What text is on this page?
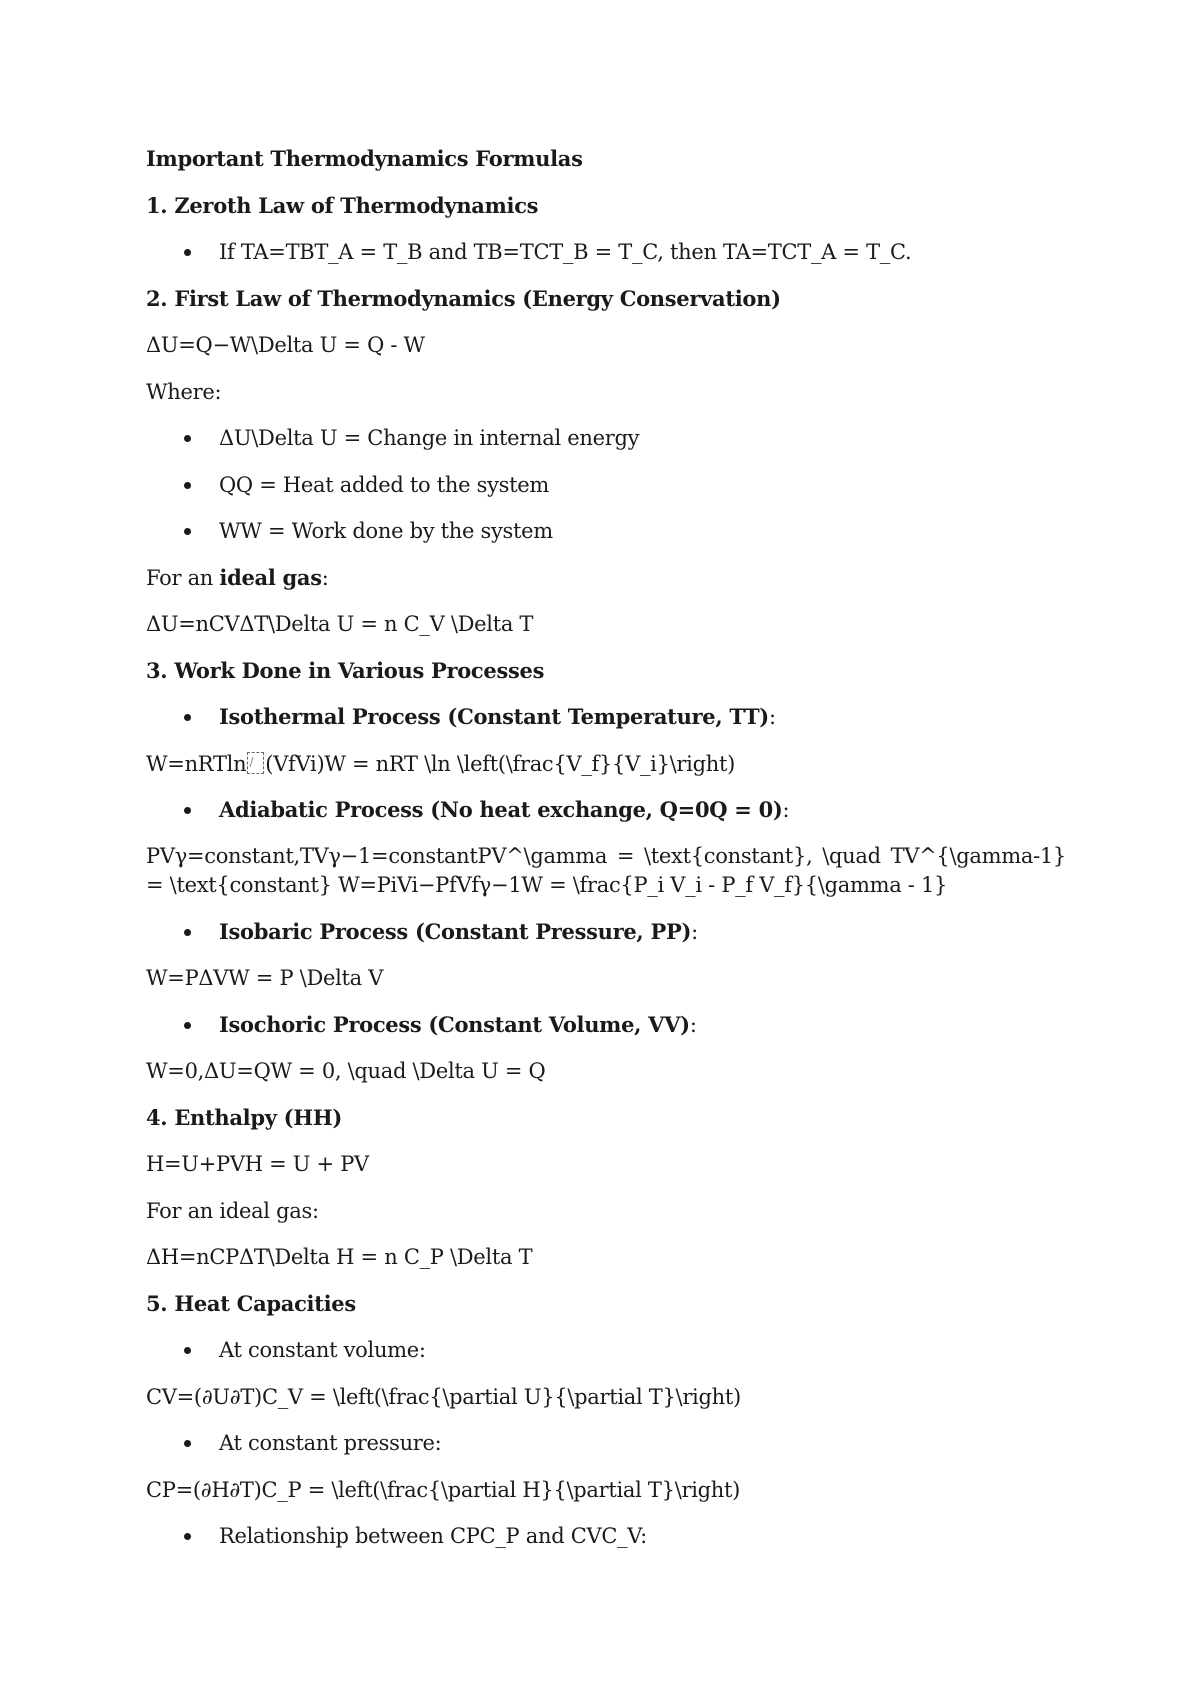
Important Thermodynamics Formulas
1. Zeroth Law of Thermodynamics
If TA=TBT_A = T_B and TB=TCT_B = T_C, then TA=TCT_A = T_C.
2. First Law of Thermodynamics (Energy Conservation)
ΔU=Q−W\Delta U = Q - W
Where:
ΔU\Delta U = Change in internal energy
QQ = Heat added to the system
WW = Work done by the system
For an ideal gas:
ΔU=nCVΔT\Delta U = n C_V \Delta T
3. Work Done in Various Processes
Isothermal Process (Constant Temperature, TT):
W=nRTln (VfVi)W = nRT \ln \left(\frac{V_f}{V_i}\right)
Adiabatic Process (No heat exchange, Q=0Q = 0):
PVγ=constant,TVγ−1=constantPV^\gamma = \text{constant}, \quad TV^{\gamma-1} = \text{constant} W=PiVi−PfVfγ−1W = \frac{P_i V_i - P_f V_f}{\gamma - 1}
Isobaric Process (Constant Pressure, PP):
W=PΔVW = P \Delta V
Isochoric Process (Constant Volume, VV):
W=0,ΔU=QW = 0, \quad \Delta U = Q
4. Enthalpy (HH)
H=U+PVH = U + PV
For an ideal gas:
ΔH=nCPΔT\Delta H = n C_P \Delta T
5. Heat Capacities
At constant volume:
CV=(∂U∂T)C_V = \left(\frac{\partial U}{\partial T}\right)
At constant pressure:
CP=(∂H∂T)C_P = \left(\frac{\partial H}{\partial T}\right)
Relationship between CPC_P and CVC_V:
